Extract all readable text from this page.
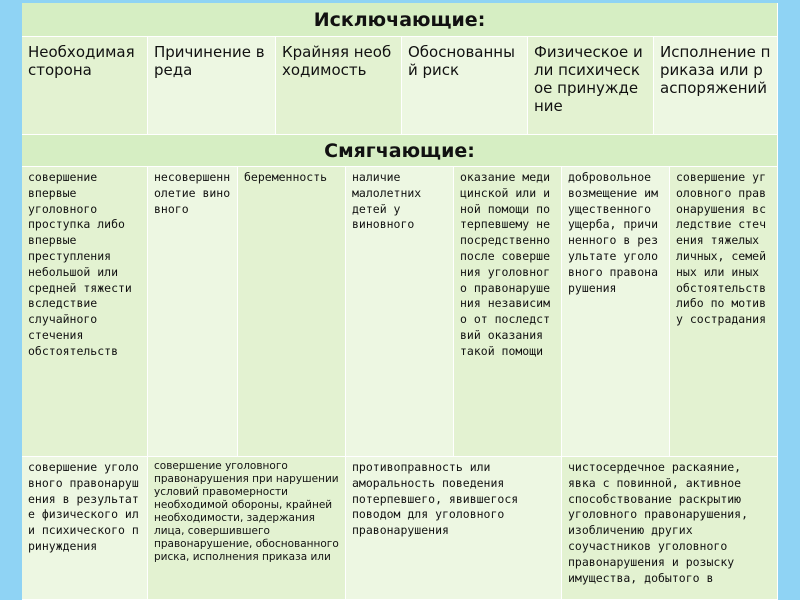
Исключающие:
Необходимая сторона
Причинение вреда
Крайняя необходимость
Обоснованный риск
Физическое или психическое принуждение
Исполнение приказа или распоряжений
Смягчающие:
совершение впервые уголовного проступка либо впервые преступления небольшой или средней тяжести вследствие случайного стечения обстоятельств
несовершеннолетие виновного
беременность	наличие малолетних детей у виновного
оказание медицинской или иной помощи потерпевшему непосредственно после совершения уголовного правонарушения независимо от последствий оказания такой помощи
добровольное возмещение имущественного ущерба, причиненного в результате уголовного правонарушения
совершение уголовного правонарушения вследствие стечения тяжелых личных, семейных или иных обстоятельств либо по мотиву сострадания
совершение уголовного правонарушения в результате физического или психического принуждения
совершение уголовного правонарушения при нарушении условий правомерности необходимой обороны, крайней необходимости, задержания лица, совершившего правонарушение, обоснованного риска, исполнения приказа или
противоправность или аморальность поведения потерпевшего, явившегося поводом для уголовного правонарушения
чистосердечное раскаяние, явка с повинной, активное способствование раскрытию уголовного правонарушения, изобличению других соучастников уголовного правонарушения и розыску имущества, добытого в
